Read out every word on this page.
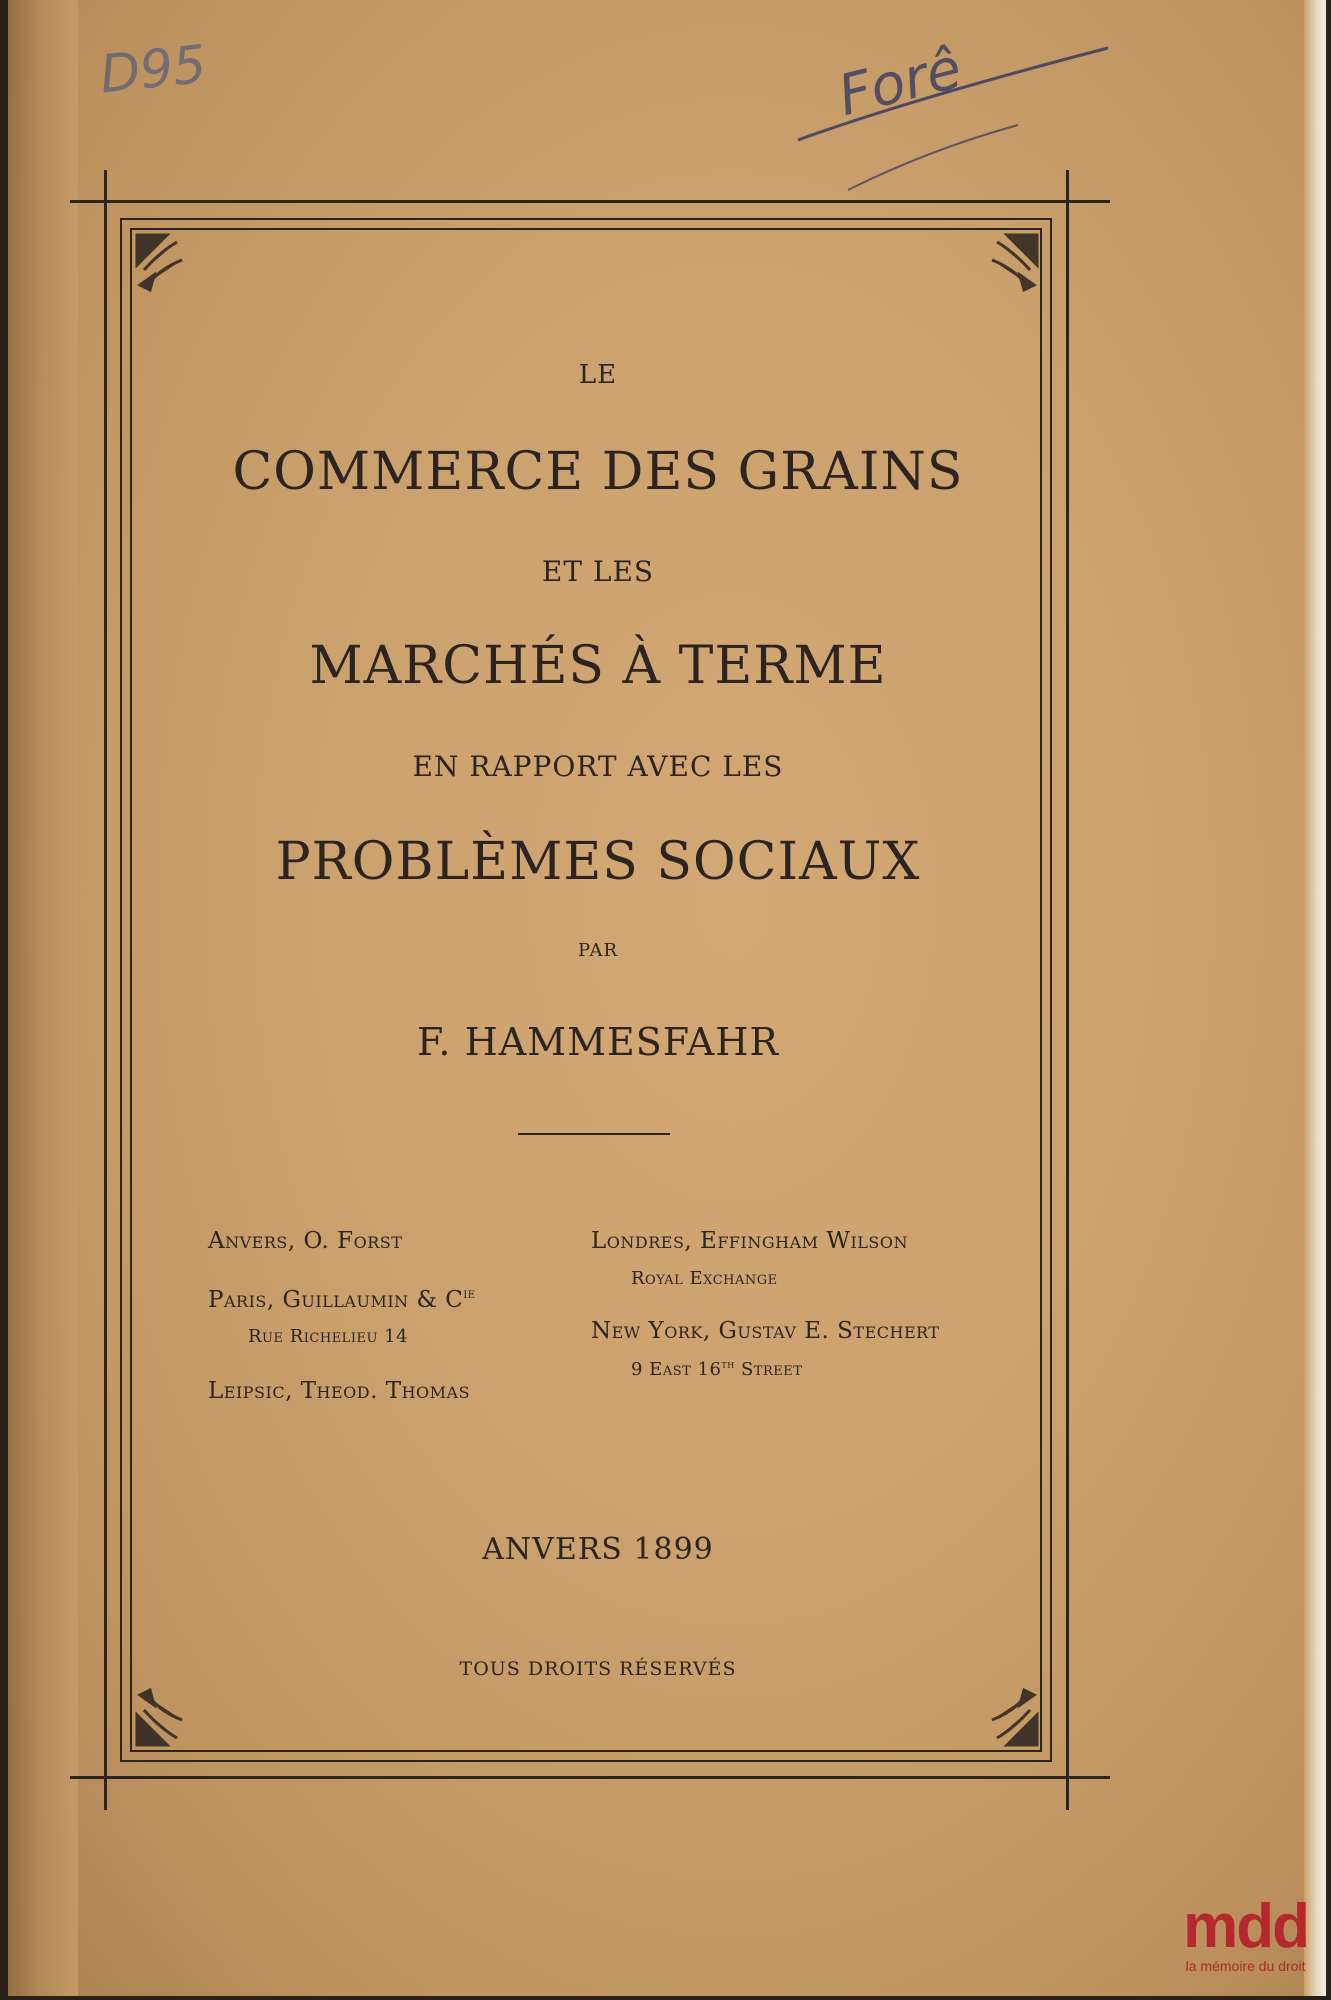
D95	Forê
LE
COMMERCE DES GRAINS
ET LES
MARCHÉS À TERME
EN RAPPORT AVEC LES
PROBLÈMES SOCIAUX
PAR
F. HAMMESFAHR
Anvers, O. Forst
Paris, Guillaumin & $C^{ie}$
Rue Richelieu 14
Leipsic, Theod. Thomas
Londres, Effingham Wilson
Royal Exchange
New York, Gustav E. Stechert
9 East 16th Street
ANVERS 1899
TOUS DROITS RÉSERVÉS
mdd
la mémoire du droit
